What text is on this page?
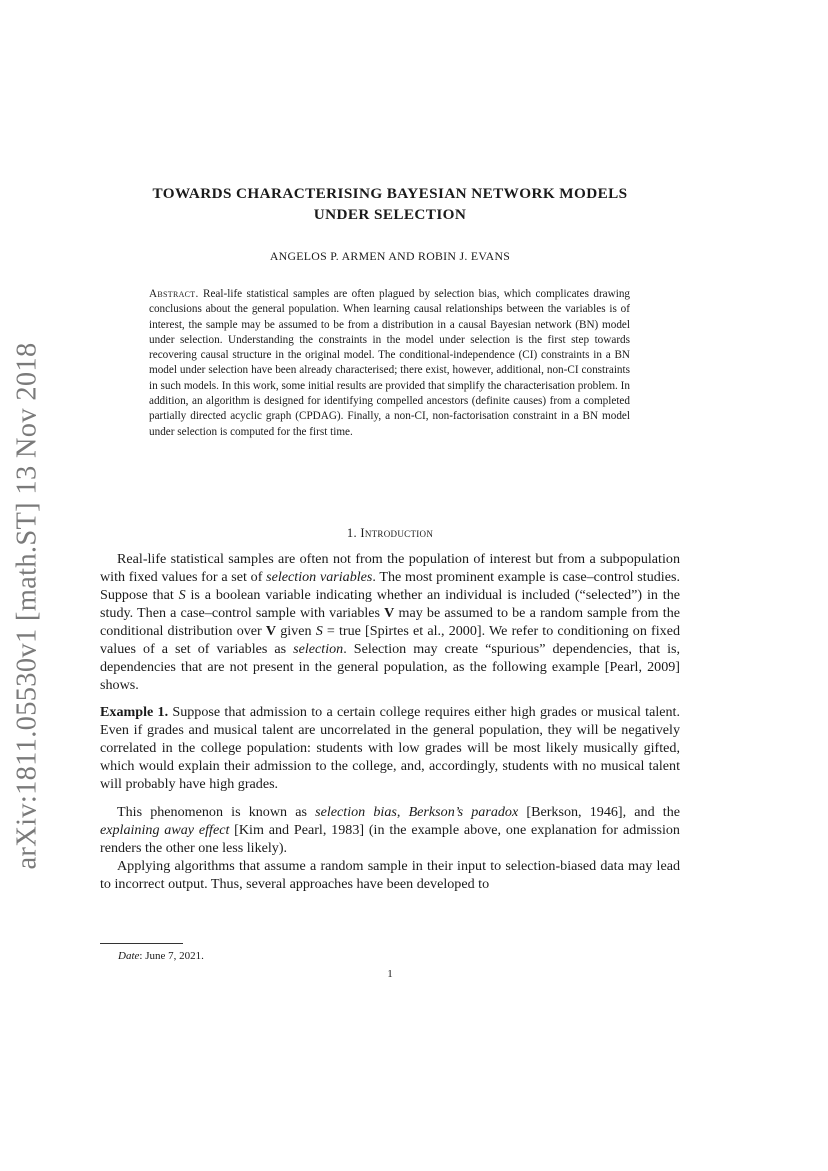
arXiv:1811.05530v1 [math.ST] 13 Nov 2018
TOWARDS CHARACTERISING BAYESIAN NETWORK MODELS
UNDER SELECTION
ANGELOS P. ARMEN AND ROBIN J. EVANS
Abstract. Real-life statistical samples are often plagued by selection bias, which complicates drawing conclusions about the general population. When learning causal relationships between the variables is of interest, the sample may be assumed to be from a distribution in a causal Bayesian network (BN) model under selection. Understanding the constraints in the model under selection is the first step towards recovering causal structure in the original model. The conditional-independence (CI) constraints in a BN model under selection have been already characterised; there exist, however, additional, non-CI constraints in such models. In this work, some initial results are provided that simplify the characterisation problem. In addition, an algorithm is designed for identifying compelled ancestors (definite causes) from a completed partially directed acyclic graph (CPDAG). Finally, a non-CI, non-factorisation constraint in a BN model under selection is computed for the first time.
1. Introduction

Real-life statistical samples are often not from the population of interest but from a subpopulation with fixed values for a set of selection variables. The most prominent example is case–control studies. Suppose that S is a boolean variable indicating whether an individual is included (“selected”) in the study. Then a case–control sample with variables V may be assumed to be a random sample from the conditional distribution over V given S = true [Spirtes et al., 2000]. We refer to conditioning on fixed values of a set of variables as selection. Selection may create “spurious” dependencies, that is, dependencies that are not present in the general population, as the following example [Pearl, 2009] shows.

Example 1. Suppose that admission to a certain college requires either high grades or musical talent. Even if grades and musical talent are uncorrelated in the general population, they will be negatively correlated in the college population: students with low grades will be most likely musically gifted, which would explain their admission to the college, and, accordingly, students with no musical talent will probably have high grades.

This phenomenon is known as selection bias, Berkson’s paradox [Berkson, 1946], and the explaining away effect [Kim and Pearl, 1983] (in the example above, one explanation for admission renders the other one less likely).

Applying algorithms that assume a random sample in their input to selection-biased data may lead to incorrect output. Thus, several approaches have been developed to

Date: June 7, 2021.
1
